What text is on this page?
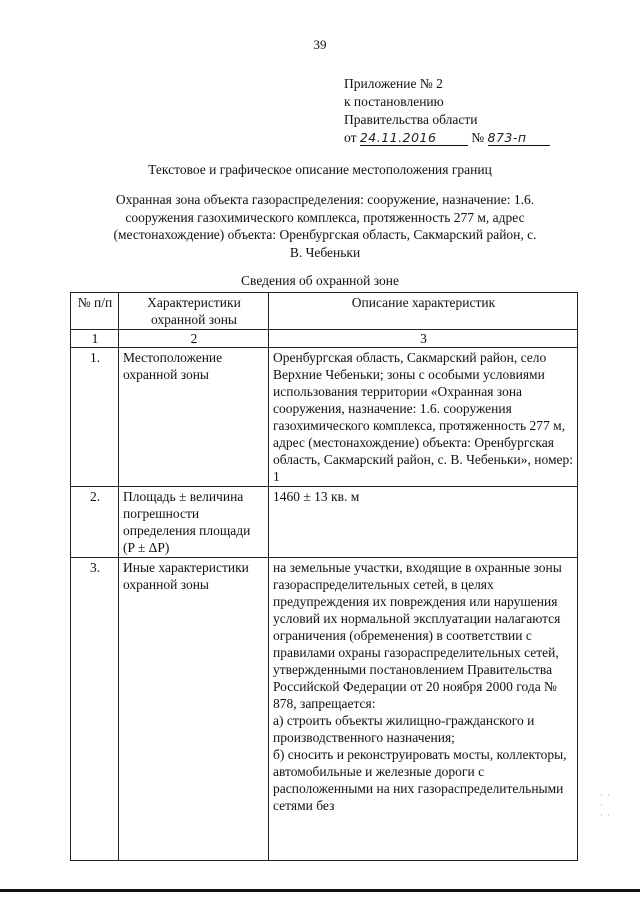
39
Приложение № 2
к постановлению
Правительства области
от 24.11.2016	№ 873-п
Текстовое и графическое описание местоположения границ
Охранная зона объекта газораспределения: сооружение, назначение: 1.6. сооружения газохимического комплекса, протяженность 277 м, адрес (местонахождение) объекта: Оренбургская область, Сакмарский район, с. В. Чебеньки
Сведения об охранной зоне
№ п/п	Характеристики охранной зоны	Описание характеристик
1	2	3
1.	Местоположение охранной зоны	Оренбургская область, Сакмарский район, село Верхние Чебеньки; зоны с особыми условиями использования территории «Охранная зона сооружения, назначение: 1.6. сооружения газохимического комплекса, протяженность 277 м, адрес (местонахождение) объекта: Оренбургская область, Сакмарский район, с. В. Чебеньки», номер: 1
2.	Площадь ± величина погрешности определения площади (P ± ΔP)	1460 ± 13 кв. м
3.	Иные характеристики охранной зоны	на земельные участки, входящие в охранные зоны газораспределительных сетей, в целях предупреждения их повреждения или нарушения условий их нормальной эксплуатации налагаются ограничения (обременения) в соответствии с правилами охраны газораспределительных сетей, утвержденными постановлением Правительства Российской Федерации от 20 ноября 2000 года № 878, запрещается:
а) строить объекты жилищно-гражданского и производственного назначения;
б) сносить и реконструировать мосты, коллекторы, автомобильные и железные дороги с расположенными на них газораспределительными сетями без
· ·
·
· ·
